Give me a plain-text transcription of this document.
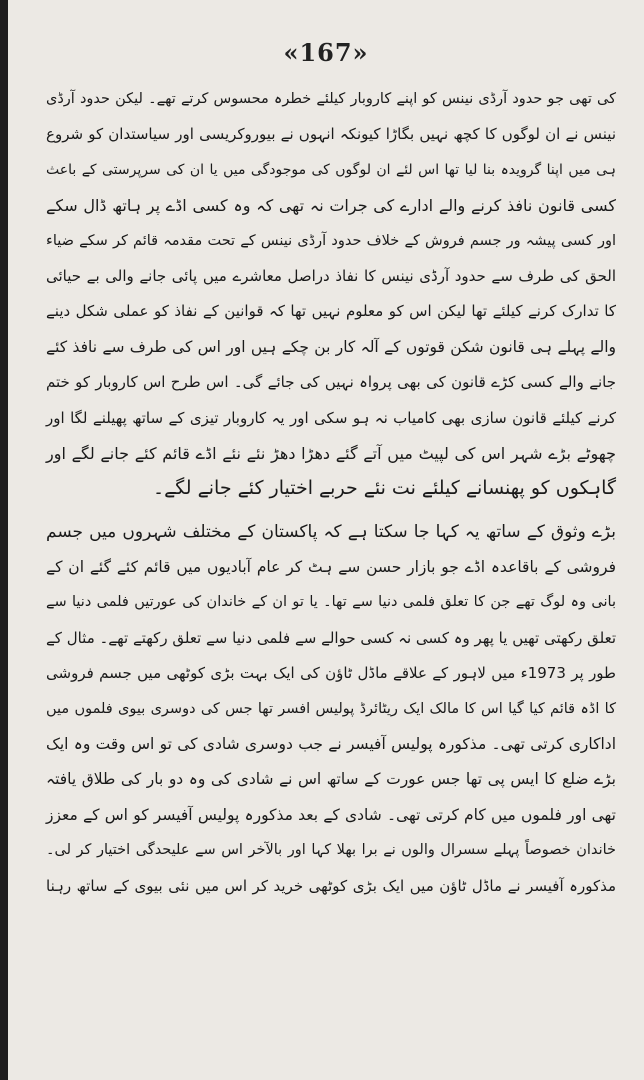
«167»
کی تھی جو حدود آرڈی نینس کو اپنے کاروبار کیلئے خطرہ محسوس کرتے تھے۔ لیکن حدود آرڈی
نینس نے ان لوگوں کا کچھ نہیں بگاڑا کیونکہ انہوں نے بیوروکریسی اور سیاستدان کو شروع
ہی میں اپنا گرویدہ بنا لیا تھا اس لئے ان لوگوں کی موجودگی میں یا ان کی سرپرستی کے باعث
کسی قانون نافذ کرنے والے ادارے کی جرات نہ تھی کہ وہ کسی اڈے پر ہاتھ ڈال سکے
اور کسی پیشہ ور جسم فروش کے خلاف حدود آرڈی نینس کے تحت مقدمہ قائم کر سکے ضیاء
الحق کی طرف سے حدود آرڈی نینس کا نفاذ دراصل معاشرے میں پائی جانے والی بے حیائی
کا تدارک کرنے کیلئے تھا لیکن اس کو معلوم نہیں تھا کہ قوانین کے نفاذ کو عملی شکل دینے
والے پہلے ہی قانون شکن قوتوں کے آلہ کار بن چکے ہیں اور اس کی طرف سے نافذ کئے
جانے والے کسی کڑے قانون کی بھی پرواہ نہیں کی جائے گی۔ اس طرح اس کاروبار کو ختم
کرنے کیلئے قانون سازی بھی کامیاب نہ ہو سکی اور یہ کاروبار تیزی کے ساتھ پھیلنے لگا اور
چھوٹے بڑے شہر اس کی لپیٹ میں آتے گئے دھڑا دھڑ نئے نئے اڈے قائم کئے جانے لگے اور
گاہکوں کو پھنسانے کیلئے نت نئے حربے اختیار کئے جانے لگے۔
بڑے وثوق کے ساتھ یہ کہا جا سکتا ہے کہ پاکستان کے مختلف شہروں میں جسم
فروشی کے باقاعدہ اڈے جو بازار حسن سے ہٹ کر عام آبادیوں میں قائم کئے گئے ان کے
بانی وہ لوگ تھے جن کا تعلق فلمی دنیا سے تھا۔ یا تو ان کے خاندان کی عورتیں فلمی دنیا سے
تعلق رکھتی تھیں یا پھر وہ کسی نہ کسی حوالے سے فلمی دنیا سے تعلق رکھتے تھے۔ مثال کے
طور پر 1973ء میں لاہور کے علاقے ماڈل ٹاؤن کی ایک بہت بڑی کوٹھی میں جسم فروشی
کا اڈہ قائم کیا گیا اس کا مالک ایک ریٹائرڈ پولیس افسر تھا جس کی دوسری بیوی فلموں میں
اداکاری کرتی تھی۔ مذکورہ پولیس آفیسر نے جب دوسری شادی کی تو اس وقت وہ ایک
بڑے ضلع کا ایس پی تھا جس عورت کے ساتھ اس نے شادی کی وہ دو بار کی طلاق یافتہ
تھی اور فلموں میں کام کرتی تھی۔ شادی کے بعد مذکورہ پولیس آفیسر کو اس کے معزز
خاندان خصوصاً پہلے سسرال والوں نے برا بھلا کہا اور بالآخر اس سے علیحدگی اختیار کر لی۔
مذکورہ آفیسر نے ماڈل ٹاؤن میں ایک بڑی کوٹھی خرید کر اس میں نئی بیوی کے ساتھ رہنا
